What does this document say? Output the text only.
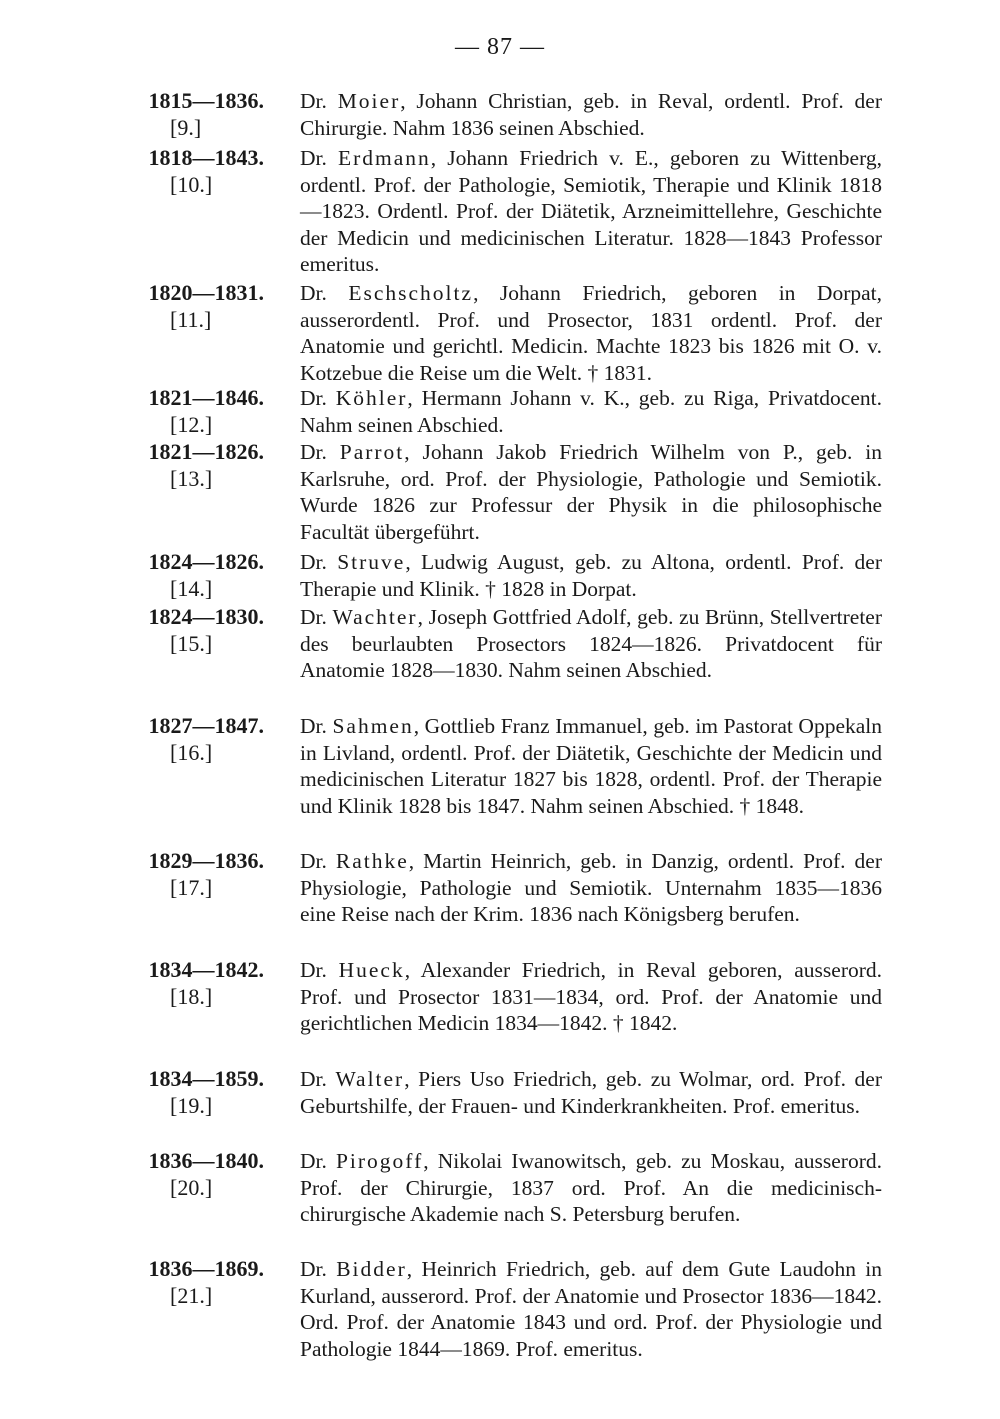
— 87 —
1815—1836.
[9.]
Dr. Moier, Johann Christian, geb. in Reval, ordentl. Prof. der Chirurgie. Nahm 1836 seinen Abschied.
1818—1843.
[10.]
Dr. Erdmann, Johann Friedrich v. E., geboren zu Wittenberg, ordentl. Prof. der Pathologie, Semiotik, Therapie und Klinik 1818—1823. Ordentl. Prof. der Diätetik, Arzneimittellehre, Geschichte der Medicin und medicinischen Literatur. 1828—1843 Professor emeritus.
1820—1831.
[11.]
Dr. Eschscholtz, Johann Friedrich, geboren in Dorpat, ausserordentl. Prof. und Prosector, 1831 ordentl. Prof. der Anatomie und gerichtl. Medicin. Machte 1823 bis 1826 mit O. v. Kotzebue die Reise um die Welt. † 1831.
1821—1846.
[12.]
Dr. Köhler, Hermann Johann v. K., geb. zu Riga, Privatdocent. Nahm seinen Abschied.
1821—1826.
[13.]
Dr. Parrot, Johann Jakob Friedrich Wilhelm von P., geb. in Karlsruhe, ord. Prof. der Physiologie, Pathologie und Semiotik. Wurde 1826 zur Professur der Physik in die philosophische Facultät übergeführt.
1824—1826.
[14.]
Dr. Struve, Ludwig August, geb. zu Altona, ordentl. Prof. der Therapie und Klinik. † 1828 in Dorpat.
1824—1830.
[15.]
Dr. Wachter, Joseph Gottfried Adolf, geb. zu Brünn, Stellvertreter des beurlaubten Prosectors 1824—1826. Privatdocent für Anatomie 1828—1830. Nahm seinen Abschied.
1827—1847.
[16.]
Dr. Sahmen, Gottlieb Franz Immanuel, geb. im Pastorat Oppekaln in Livland, ordentl. Prof. der Diätetik, Geschichte der Medicin und medicinischen Literatur 1827 bis 1828, ordentl. Prof. der Therapie und Klinik 1828 bis 1847. Nahm seinen Abschied. † 1848.
1829—1836.
[17.]
Dr. Rathke, Martin Heinrich, geb. in Danzig, ordentl. Prof. der Physiologie, Pathologie und Semiotik. Unternahm 1835—1836 eine Reise nach der Krim. 1836 nach Königsberg berufen.
1834—1842.
[18.]
Dr. Hueck, Alexander Friedrich, in Reval geboren, ausserord. Prof. und Prosector 1831—1834, ord. Prof. der Anatomie und gerichtlichen Medicin 1834—1842. † 1842.
1834—1859.
[19.]
Dr. Walter, Piers Uso Friedrich, geb. zu Wolmar, ord. Prof. der Geburtshilfe, der Frauen- und Kinderkrankheiten. Prof. emeritus.
1836—1840.
[20.]
Dr. Pirogoff, Nikolai Iwanowitsch, geb. zu Moskau, ausserord. Prof. der Chirurgie, 1837 ord. Prof. An die medicinisch-chirurgische Akademie nach S. Petersburg berufen.
1836—1869.
[21.]
Dr. Bidder, Heinrich Friedrich, geb. auf dem Gute Laudohn in Kurland, ausserord. Prof. der Anatomie und Prosector 1836—1842. Ord. Prof. der Anatomie 1843 und ord. Prof. der Physiologie und Pathologie 1844—1869. Prof. emeritus.
